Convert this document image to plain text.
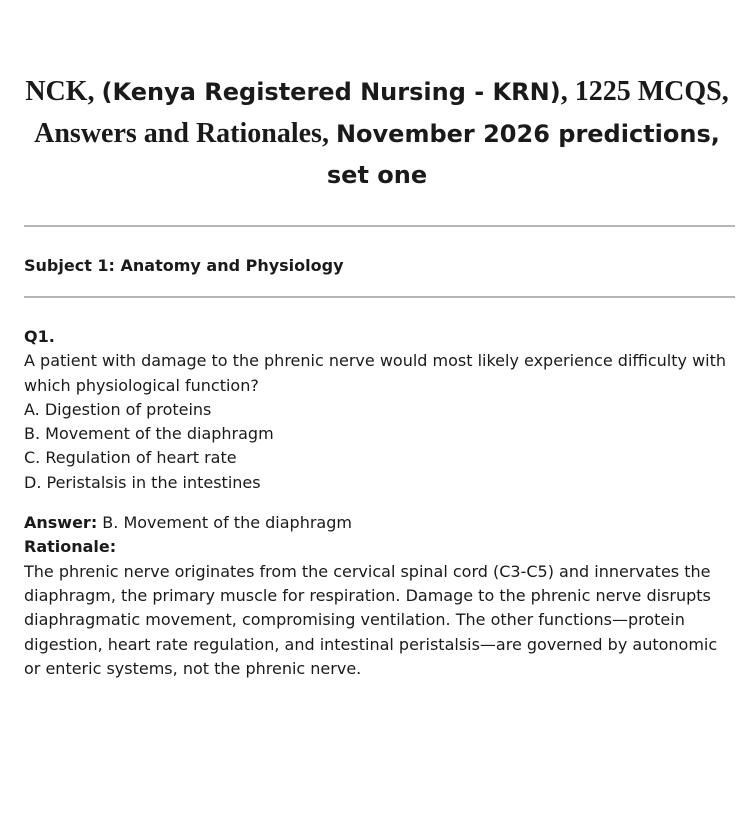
NCK, (Kenya Registered Nursing - KRN), 1225 MCQS, Answers and Rationales, November 2026 predictions, set one
Subject 1: Anatomy and Physiology
Q1.
A patient with damage to the phrenic nerve would most likely experience difficulty with which physiological function?
A. Digestion of proteins
B. Movement of the diaphragm
C. Regulation of heart rate
D. Peristalsis in the intestines
Answer: B. Movement of the diaphragm
Rationale:
The phrenic nerve originates from the cervical spinal cord (C3-C5) and innervates the diaphragm, the primary muscle for respiration. Damage to the phrenic nerve disrupts diaphragmatic movement, compromising ventilation. The other functions—protein digestion, heart rate regulation, and intestinal peristalsis—are governed by autonomic or enteric systems, not the phrenic nerve.
